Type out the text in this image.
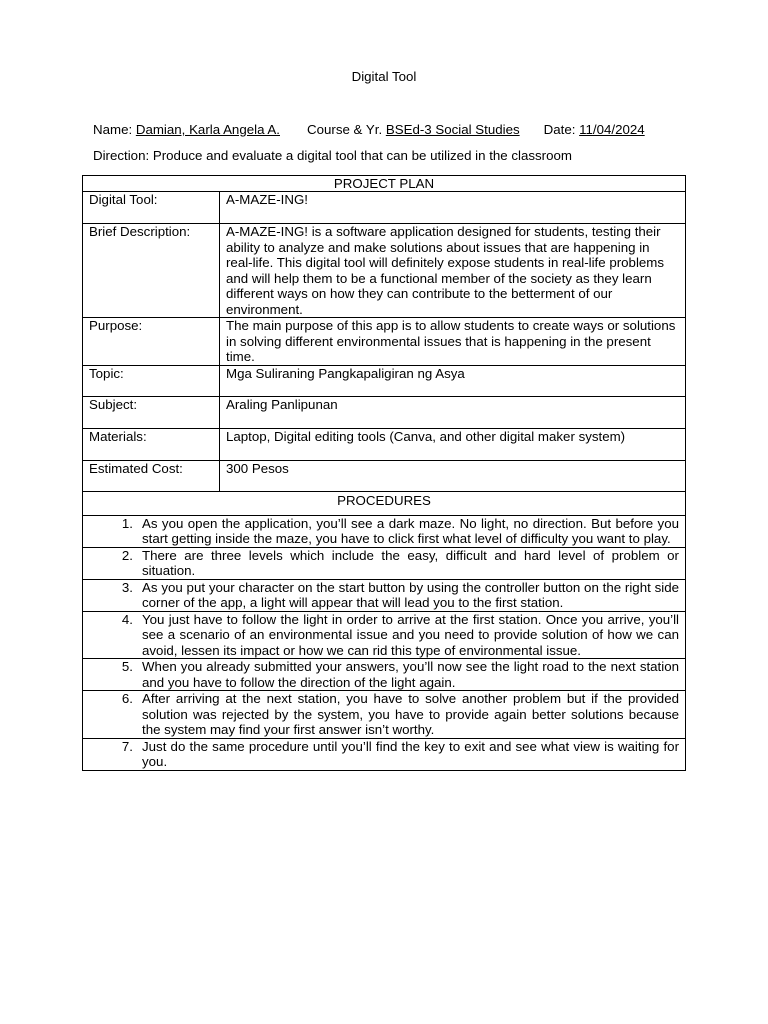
Digital Tool
Name: Damian, Karla Angela A. Course & Yr. BSEd-3 Social Studies Date: 11/04/2024
Direction: Produce and evaluate a digital tool that can be utilized in the classroom
PROJECT PLAN	
Digital Tool:	A-MAZE-ING!
Brief Description:	A-MAZE-ING! is a software application designed for students, testing their ability to analyze and make solutions about issues that are happening in real-life. This digital tool will definitely expose students in real-life problems and will help them to be a functional member of the society as they learn different ways on how they can contribute to the betterment of our environment.
Purpose:	The main purpose of this app is to allow students to create ways or solutions in solving different environmental issues that is happening in the present time.
Topic:	Mga Suliraning Pangkapaligiran ng Asya
Subject:	Araling Panlipunan
Materials:	Laptop, Digital editing tools (Canva, and other digital maker system)
Estimated Cost:	300 Pesos
PROCEDURES	

1. As you open the application, you’ll see a dark maze. No light, no direction. But before you start getting inside the maze, you have to click first what level of difficulty you want to play.	

2. There are three levels which include the easy, difficult and hard level of problem or situation.	

3. As you put your character on the start button by using the controller button on the right side corner of the app, a light will appear that will lead you to the first station.	

4. You just have to follow the light in order to arrive at the first station. Once you arrive, you’ll see a scenario of an environmental issue and you need to provide solution of how we can avoid, lessen its impact or how we can rid this type of environmental issue.	

5. When you already submitted your answers, you’ll now see the light road to the next station and you have to follow the direction of the light again.	

6. After arriving at the next station, you have to solve another problem but if the provided solution was rejected by the system, you have to provide again better solutions because the system may find your first answer isn’t worthy.	

7. Just do the same procedure until you’ll find the key to exit and see what view is waiting for you.	
